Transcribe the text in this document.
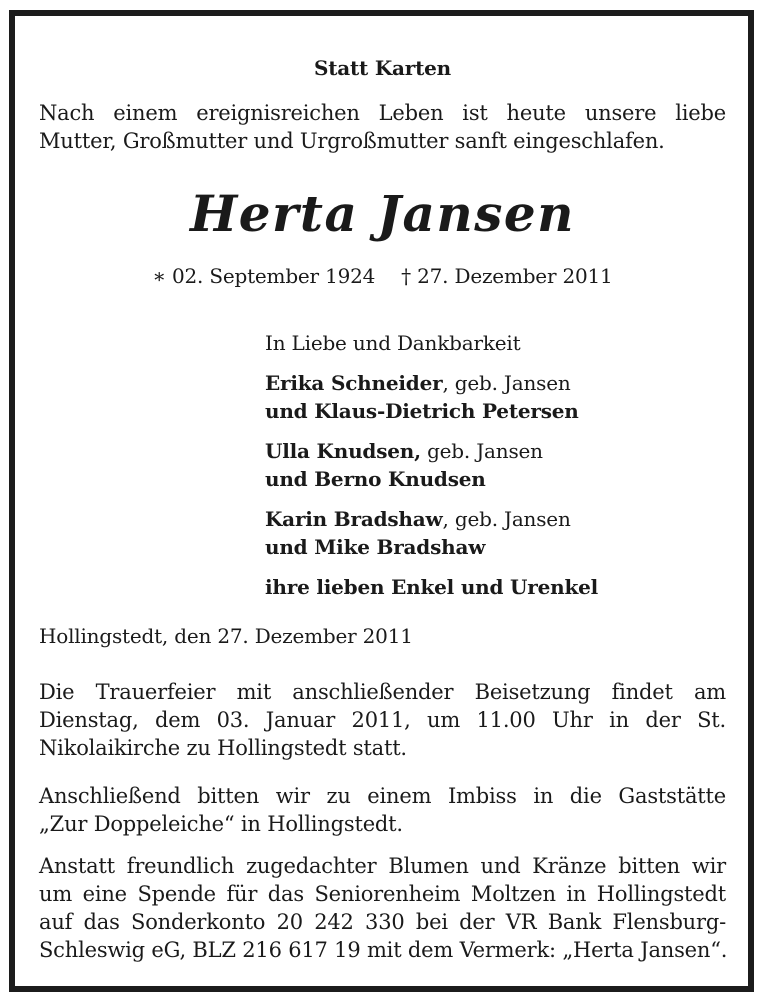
Statt Karten
Nach einem ereignisreichen Leben ist heute unsere liebe
Mutter, Großmutter und Urgroßmutter sanft eingeschlafen.
Herta Jansen
∗ 02. September 1924 † 27. Dezember 2011
In Liebe und Dankbarkeit
Erika Schneider, geb. Jansen
und Klaus-Dietrich Petersen
Ulla Knudsen, geb. Jansen
und Berno Knudsen
Karin Bradshaw, geb. Jansen
und Mike Bradshaw
ihre lieben Enkel und Urenkel
Hollingstedt, den 27. Dezember 2011
Die Trauerfeier mit anschließender Beisetzung findet am
Dienstag, dem 03. Januar 2011, um 11.00 Uhr in der St.
Nikolaikirche zu Hollingstedt statt.
Anschließend bitten wir zu einem Imbiss in die Gaststätte
„Zur Doppeleiche“ in Hollingstedt.
Anstatt freundlich zugedachter Blumen und Kränze bitten wir
um eine Spende für das Seniorenheim Moltzen in Hollingstedt
auf das Sonderkonto 20 242 330 bei der VR Bank Flensburg-
Schleswig eG, BLZ 216 617 19 mit dem Vermerk: „Herta Jansen“.
